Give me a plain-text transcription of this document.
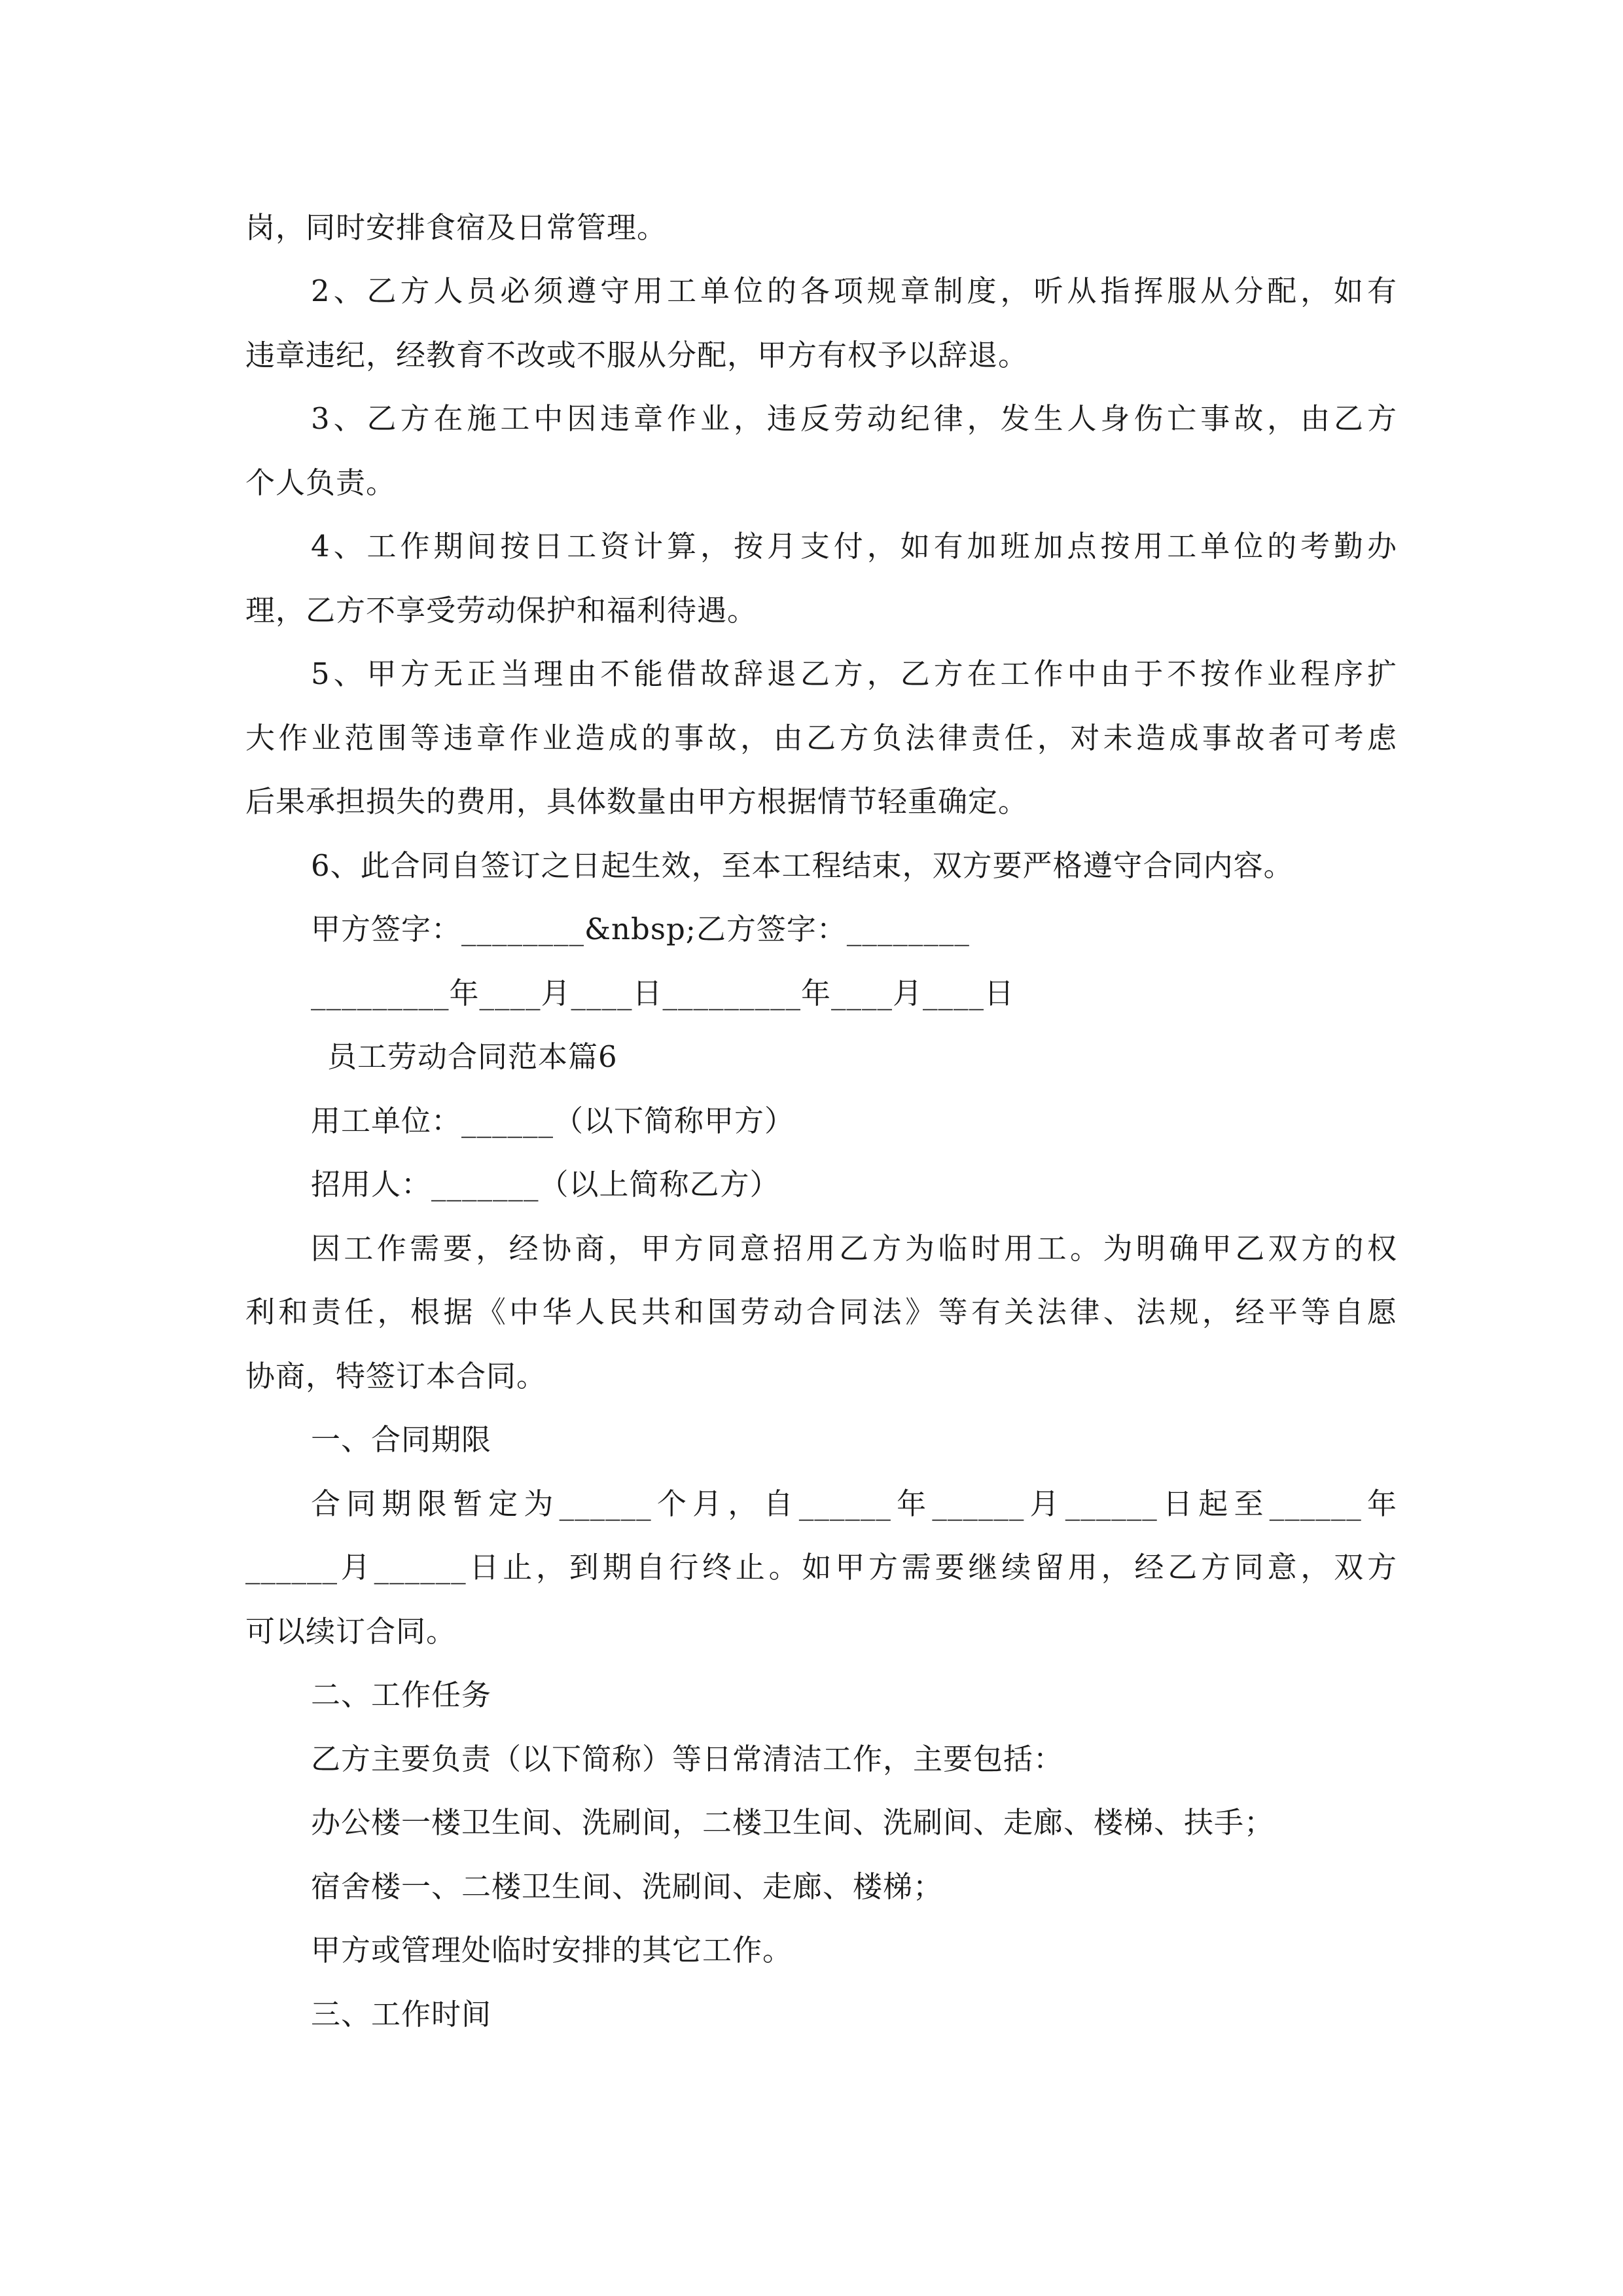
岗，同时安排食宿及日常管理。
2、乙方人员必须遵守用工单位的各项规章制度，听从指挥服从分配，如有
违章违纪，经教育不改或不服从分配，甲方有权予以辞退。
3、乙方在施工中因违章作业，违反劳动纪律，发生人身伤亡事故，由乙方
个人负责。
4、工作期间按日工资计算，按月支付，如有加班加点按用工单位的考勤办
理，乙方不享受劳动保护和福利待遇。
5、甲方无正当理由不能借故辞退乙方，乙方在工作中由于不按作业程序扩
大作业范围等违章作业造成的事故，由乙方负法律责任，对未造成事故者可考虑
后果承担损失的费用，具体数量由甲方根据情节轻重确定。
6、此合同自签订之日起生效，至本工程结束，双方要严格遵守合同内容。
甲方签字：________&nbsp;乙方签字：________
_________年____月____日_________年____月____日
员工劳动合同范本篇6
用工单位：______（以下简称甲方）
招用人：_______（以上简称乙方）
因工作需要，经协商，甲方同意招用乙方为临时用工。为明确甲乙双方的权
利和责任，根据《中华人民共和国劳动合同法》等有关法律、法规，经平等自愿
协商，特签订本合同。
一、合同期限
合同期限暂定为______个月，自______年______月______日起至______年
______月______日止，到期自行终止。如甲方需要继续留用，经乙方同意，双方
可以续订合同。
二、工作任务
乙方主要负责（以下简称）等日常清洁工作，主要包括：
办公楼一楼卫生间、洗刷间，二楼卫生间、洗刷间、走廊、楼梯、扶手；
宿舍楼一、二楼卫生间、洗刷间、走廊、楼梯；
甲方或管理处临时安排的其它工作。
三、工作时间
